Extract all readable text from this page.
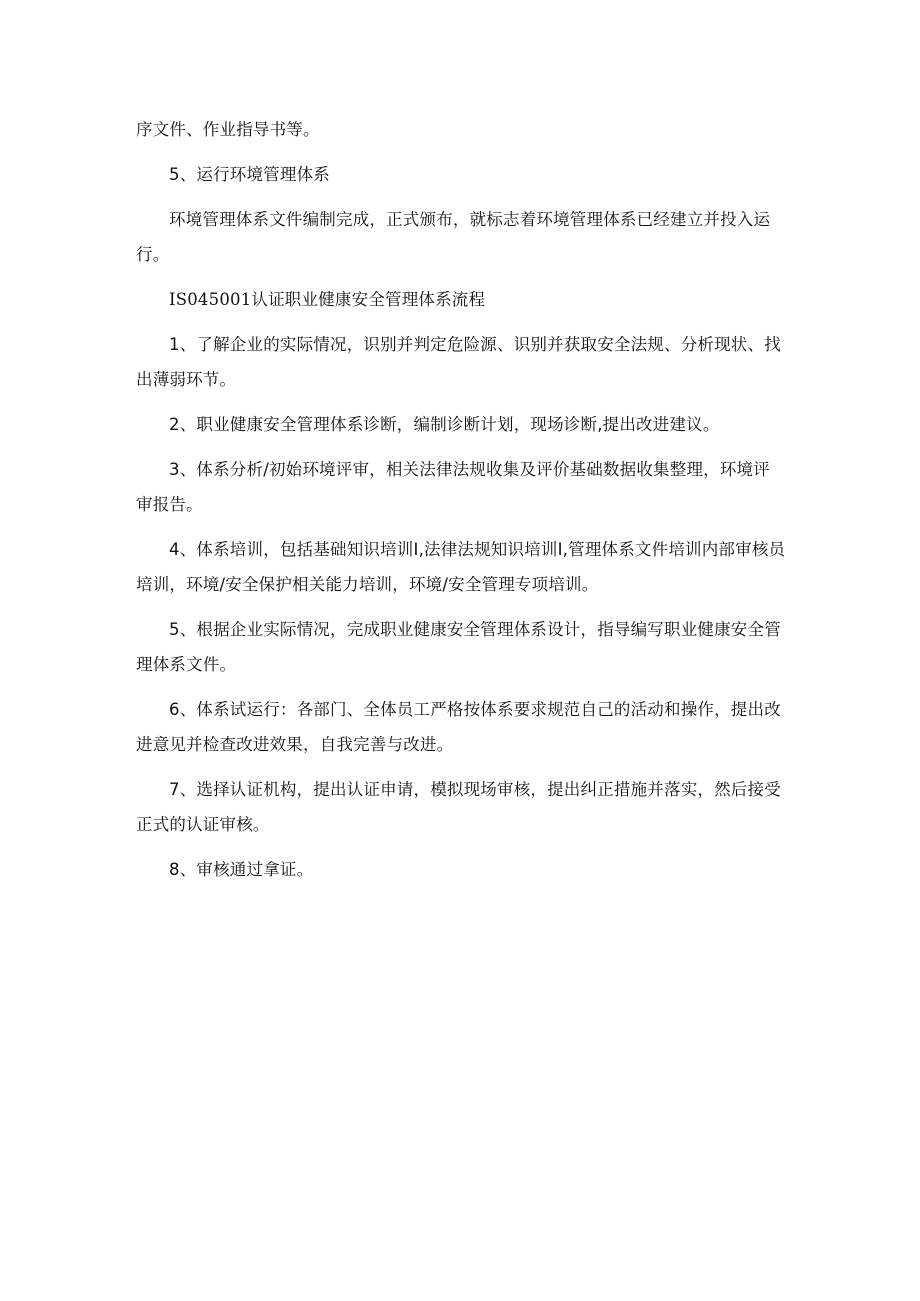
序文件、作业指导书等。

5、运行环境管理体系

环境管理体系文件编制完成，正式颁布，就标志着环境管理体系已经建立并投入运行。

IS045001认证职业健康安全管理体系流程

1、了解企业的实际情况，识别并判定危险源、识别并获取安全法规、分析现状、找出薄弱环节。

2、职业健康安全管理体系诊断，编制诊断计划，现场诊断,提出改进建议。

3、体系分析/初始环境评审，相关法律法规收集及评价基础数据收集整理，环境评审报告。

4、体系培训，包括基础知识培训I,法律法规知识培训I,管理体系文件培训内部审核员培训，环境/安全保护相关能力培训，环境/安全管理专项培训。

5、根据企业实际情况，完成职业健康安全管理体系设计，指导编写职业健康安全管理体系文件。

6、体系试运行：各部门、全体员工严格按体系要求规范自己的活动和操作，提出改进意见并检查改进效果，自我完善与改进。

7、选择认证机构，提出认证申请，模拟现场审核，提出纠正措施并落实，然后接受正式的认证审核。

8、审核通过拿证。
